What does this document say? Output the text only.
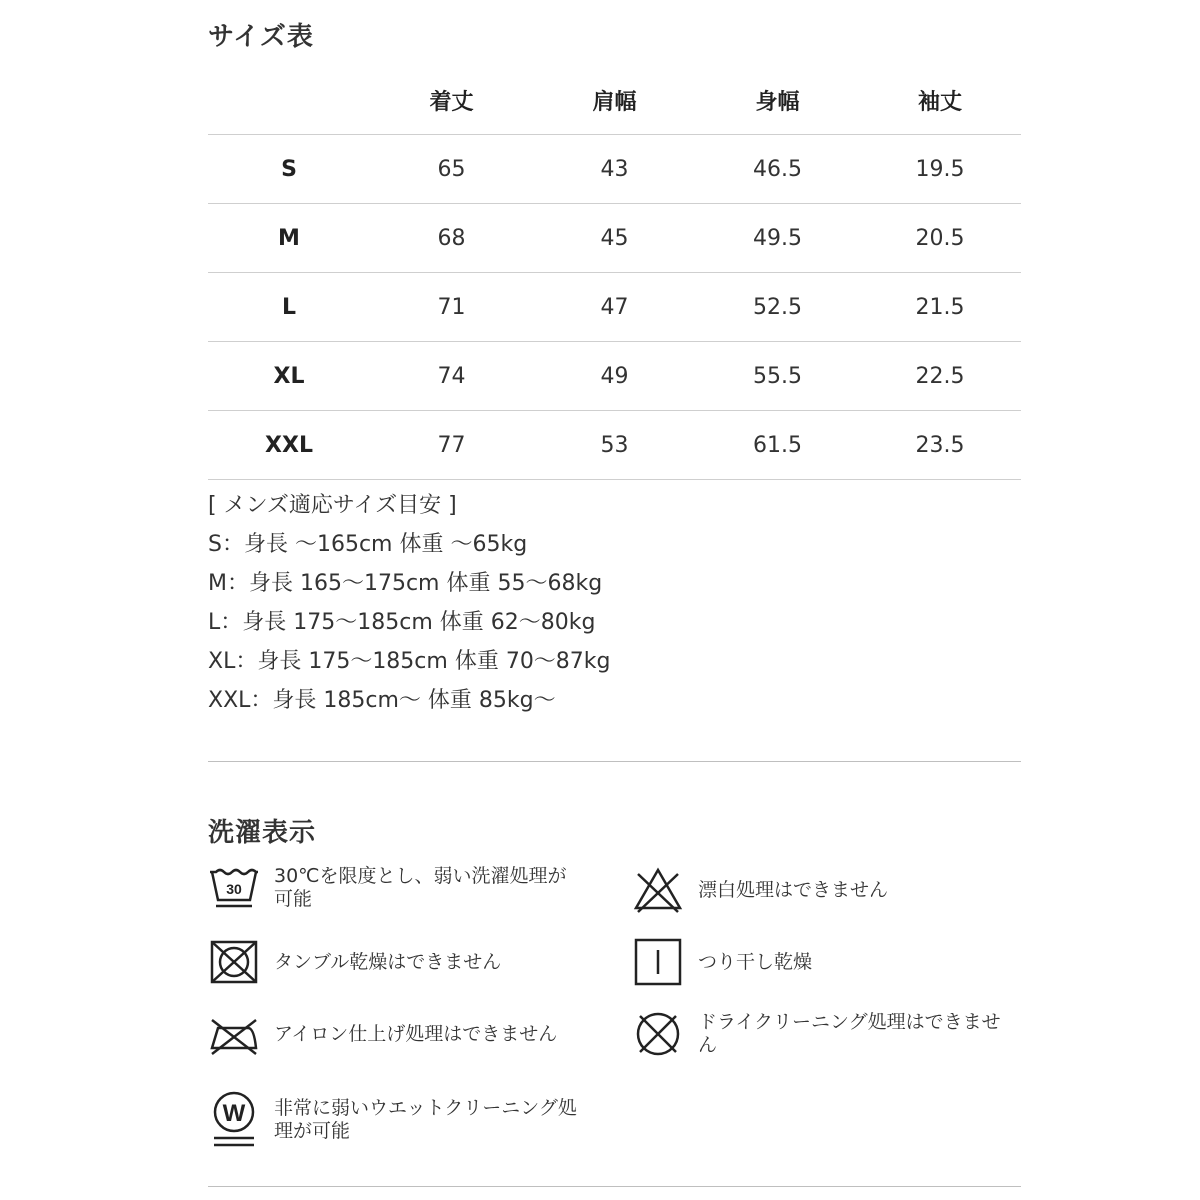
サイズ表
	着丈	肩幅	身幅	袖丈
S	65	43	46.5	19.5
M	68	45	49.5	20.5
L	71	47	52.5	21.5
XL	74	49	55.5	22.5
XXL	77	53	61.5	23.5
[ メンズ適応サイズ目安 ]
S：身長 ～165cm 体重 ～65kg
M：身長 165～175cm 体重 55～68kg
L：身長 175～185cm 体重 62～80kg
XL：身長 175～185cm 体重 70～87kg
XXL：身長 185cm～ 体重 85kg～
洗濯表示
30
30℃を限度とし、弱い洗濯処理が可能	漂白処理はできません
タンブル乾燥はできません	つり干し乾燥
アイロン仕上げ処理はできません
ドライクリーニング処理はできません
W 非常に弱いウエットクリーニング処理が可能
